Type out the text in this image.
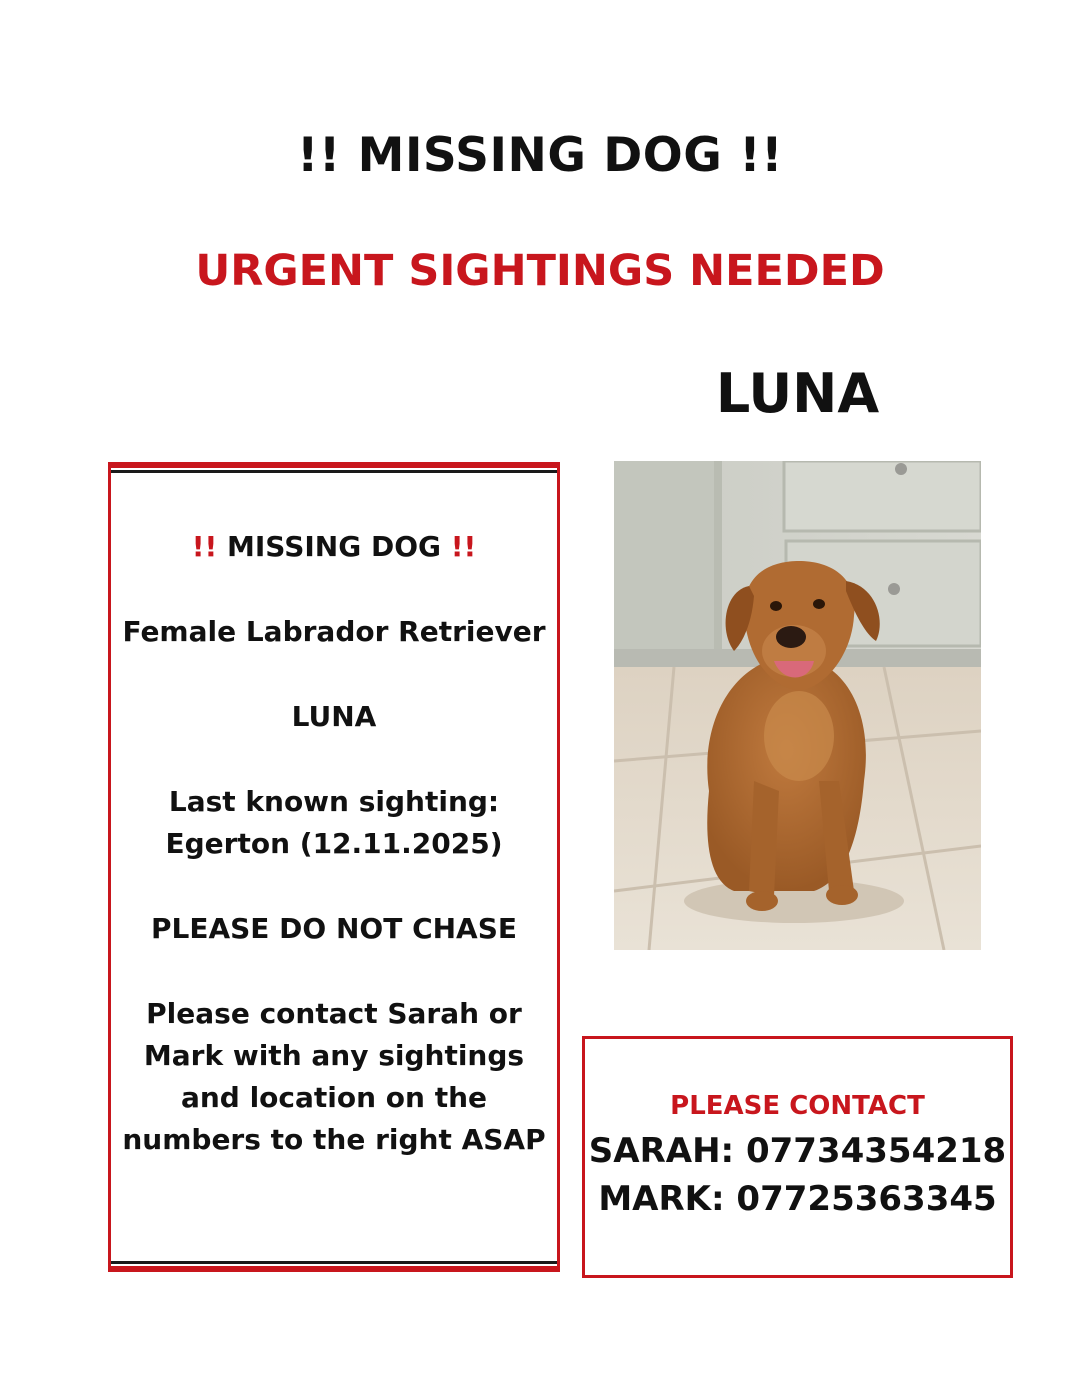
!! MISSING DOG !!
URGENT SIGHTINGS NEEDED
LUNA
!! MISSING DOG !!
Female Labrador Retriever
LUNA
Last known sighting:
Egerton (12.11.2025)
PLEASE DO NOT CHASE
Please contact Sarah or
Mark with any sightings
and location on the
numbers to the right ASAP
PLEASE CONTACT
SARAH: 07734354218
MARK: 07725363345
